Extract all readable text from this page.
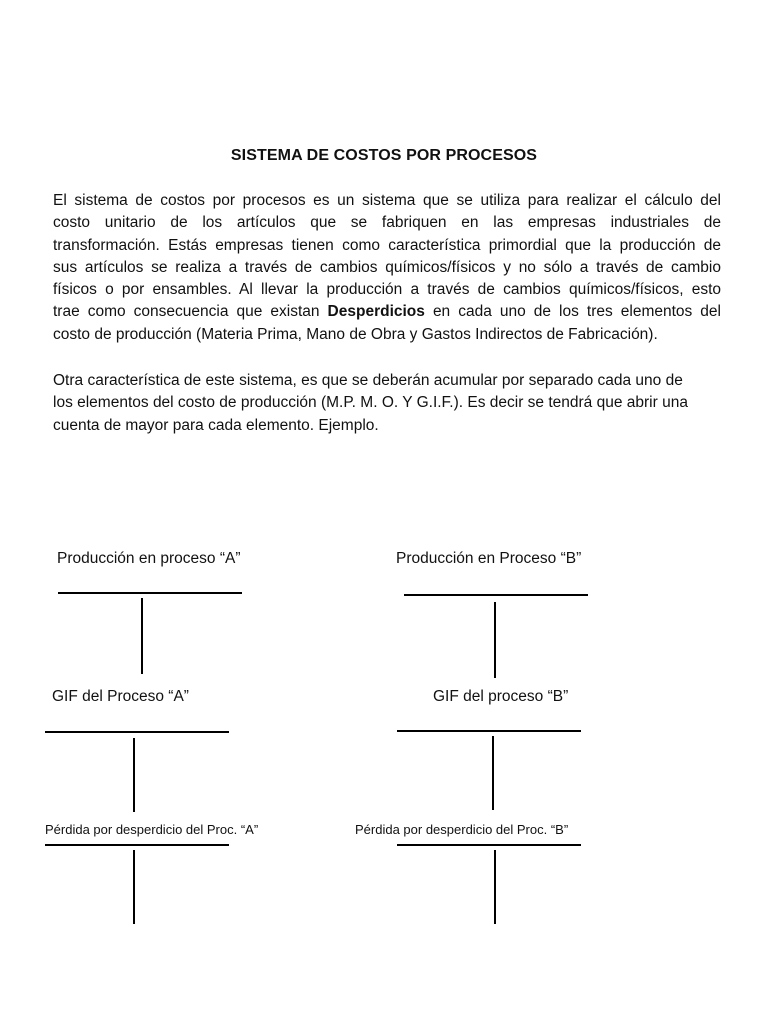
SISTEMA DE COSTOS POR PROCESOS
El sistema de costos por procesos es un sistema que se utiliza para realizar el cálculo del
costo unitario de los artículos que se fabriquen en las empresas industriales de
transformación. Estás empresas tienen como característica primordial que la producción de
sus artículos se realiza a través de cambios químicos/físicos y no sólo a través de cambio
físicos o por ensambles. Al llevar la producción a través de cambios químicos/físicos, esto
trae como consecuencia que existan Desperdicios en cada uno de los tres elementos del
costo de producción (Materia Prima, Mano de Obra y Gastos Indirectos de Fabricación).
Otra característica de este sistema, es que se deberán acumular por separado cada uno de
los elementos del costo de producción (M.P. M. O. Y G.I.F.). Es decir se tendrá que abrir una
cuenta de mayor para cada elemento. Ejemplo.
Producción en proceso “A”	Producción en Proceso “B”
GIF del Proceso “A”	GIF del proceso “B”
Pérdida por desperdicio del Proc. “A”	Pérdida por desperdicio del Proc. “B”
